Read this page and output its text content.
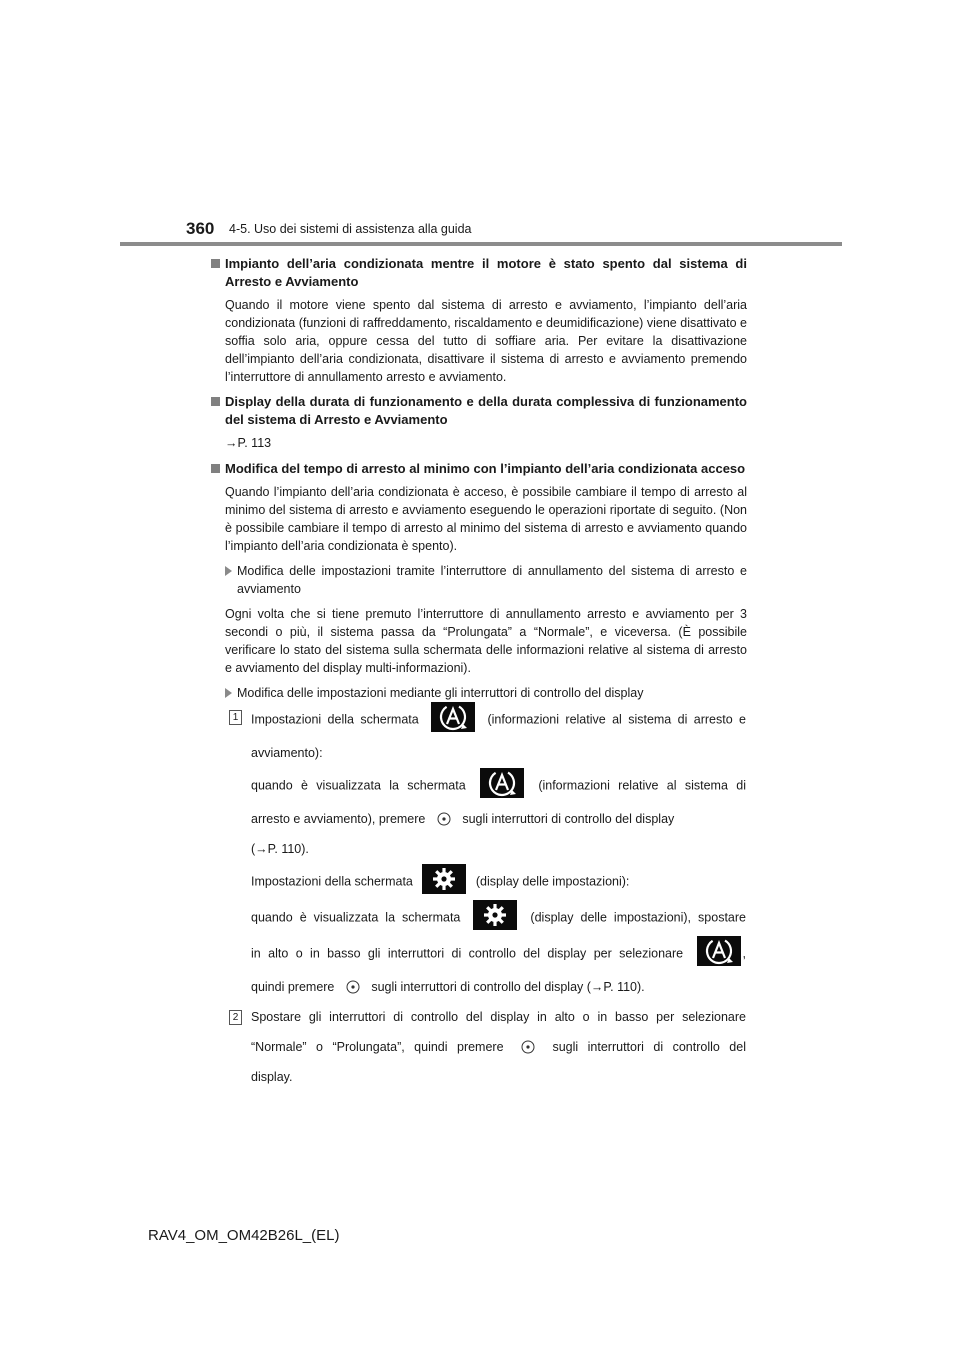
360 4-5. Uso dei sistemi di assistenza alla guida
Impianto dell’aria condizionata mentre il motore è stato spento dal sistema di Arresto e Avviamento
Quando il motore viene spento dal sistema di arresto e avviamento, l’impianto dell’aria condizionata (funzioni di raffreddamento, riscaldamento e deumidificazione) viene disattivato e soffia solo aria, oppure cessa del tutto di soffiare aria. Per evitare la disattivazione dell’impianto dell’aria condizionata, disattivare il sistema di arresto e avviamento premendo l’interruttore di annullamento arresto e avviamento.
Display della durata di funzionamento e della durata complessiva di funzionamento del sistema di Arresto e Avviamento
→P. 113
Modifica del tempo di arresto al minimo con l’impianto dell’aria condizionata acceso
Quando l’impianto dell’aria condizionata è acceso, è possibile cambiare il tempo di arresto al minimo del sistema di arresto e avviamento eseguendo le operazioni riportate di seguito. (Non è possibile cambiare il tempo di arresto al minimo del sistema di arresto e avviamento quando l’impianto dell’aria condizionata è spento).
Modifica delle impostazioni tramite l’interruttore di annullamento del sistema di arresto e avviamento
Ogni volta che si tiene premuto l’interruttore di annullamento arresto e avviamento per 3 secondi o più, il sistema passa da “Prolungata” a “Normale”, e viceversa. (È possibile verificare lo stato del sistema sulla schermata delle informazioni relative al sistema di arresto e avviamento del display multi-informazioni).
Modifica delle impostazioni mediante gli interruttori di controllo del display
1 Impostazioni della schermata	(informazioni relative al sistema di arresto e
avviamento):
quando è visualizzata la schermata	(informazioni relative al sistema di
arresto e avviamento), premere	sugli interruttori di controllo del display
(→P. 110).
Impostazioni della schermata	(display delle impostazioni):
quando è visualizzata la schermata	(display delle impostazioni), spostare
in alto o in basso gli interruttori di controllo del display per selezionare	,
quindi premere	sugli interruttori di controllo del display (→P. 110).
2 Spostare gli interruttori di controllo del display in alto o in basso per selezionare
“Normale” o “Prolungata”, quindi premere	sugli interruttori di controllo del
display.
RAV4_OM_OM42B26L_(EL)
